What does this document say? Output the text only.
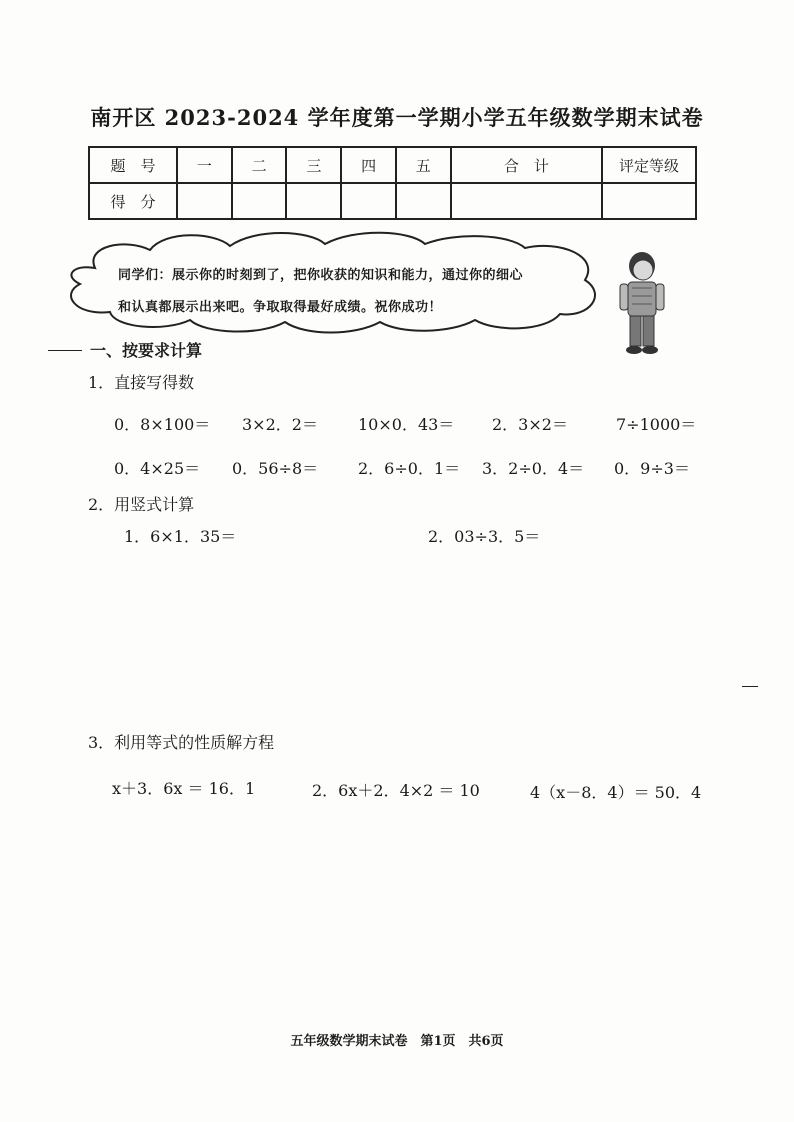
南开区 2023-2024 学年度第一学期小学五年级数学期末试卷
题　号	一	二	三	四	五	合　计	评定等级
得　分							
同学们：展示你的时刻到了，把你收获的知识和能力，通过你的细心
和认真都展示出来吧。争取取得最好成绩。祝你成功！
一、按要求计算
1．直接写得数
0．8×100＝ 3×2．2＝	10×0．43＝ 2．3×2＝	7÷1000＝
0．4×25＝ 0．56÷8＝ 2．6÷0．1＝ 3．2÷0．4＝ 0．9÷3＝
2．用竖式计算
1．6×1．35＝	2．03÷3．5＝
3．利用等式的性质解方程
x＋3．6x ＝ 16．1	2．6x＋2．4×2 ＝ 10	4（x－8．4）＝ 50．4
五年级数学期末试卷　第1页　共6页
